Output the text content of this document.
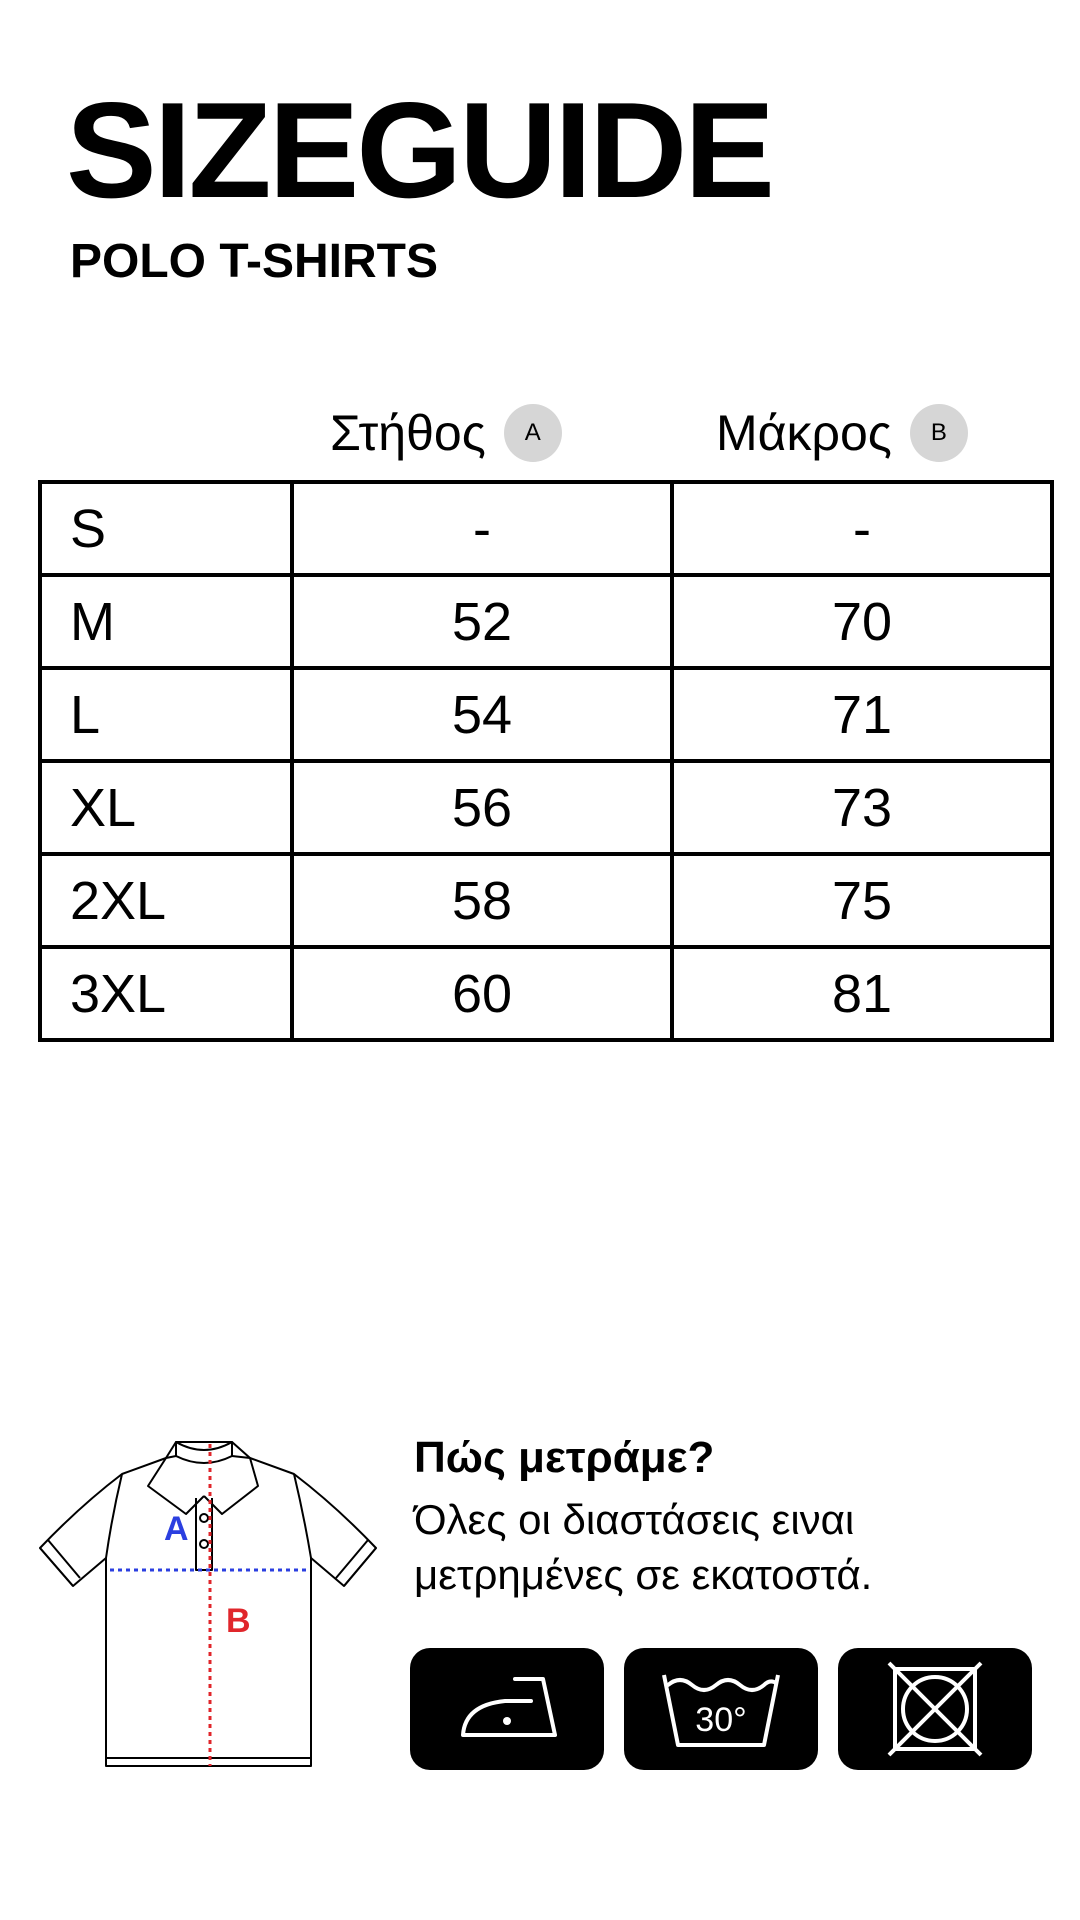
SIZEGUIDE
POLO T-SHIRTS
Στήθος	A	Μάκρος	B
S	-	-
M	52	70
L	54	71
XL	56	73
2XL	58	75
3XL	60	81
A
B

Πώς μετράμε?

Όλες οι διαστάσεις ειναι
μετρημένες σε εκατοστά.
30°
